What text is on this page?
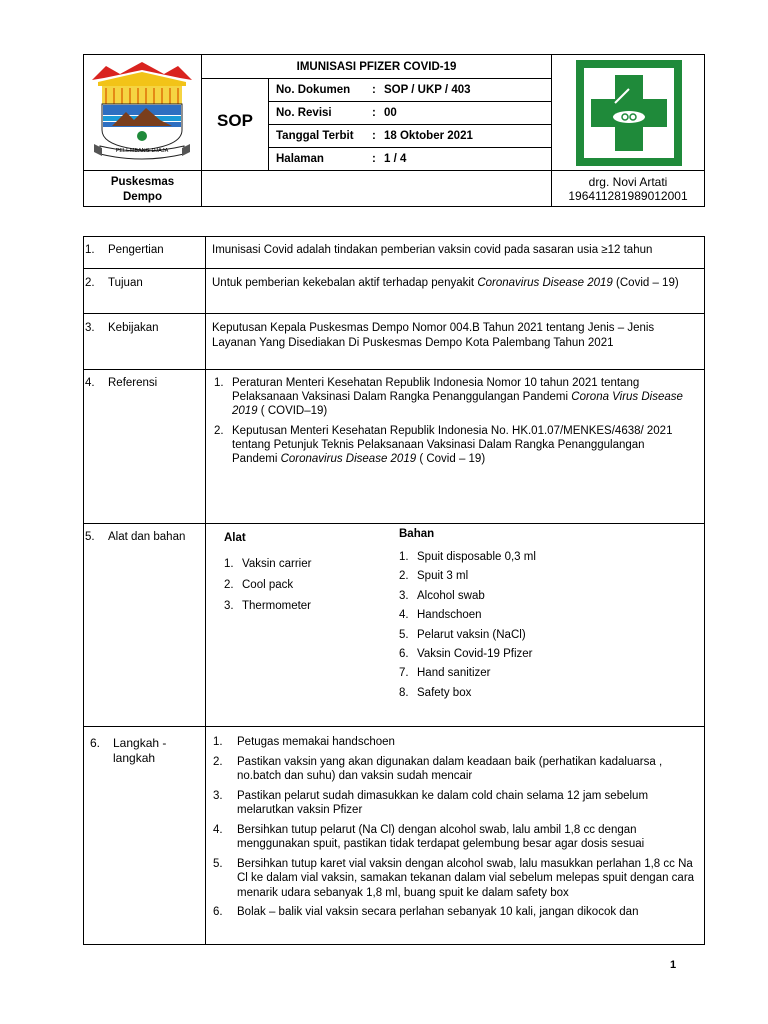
PELEMBANG DJAJA
IMUNISASI PFIZER COVID-19
SOP
No. Dokumen : SOP / UKP / 403
No. Revisi	: 00
Tanggal Terbit : 18 Oktober 2021
Halaman	: 1 / 4
Puskesmas
Dempo
drg. Novi Artati
196411281989012001
1. Pengertian	Imunisasi Covid adalah tindakan pemberian vaksin covid pada sasaran usia ≥12 tahun
2. Tujuan	Untuk pemberian kekebalan aktif terhadap penyakit Coronavirus Disease 2019 (Covid – 19)
3. Kebijakan	Keputusan Kepala Puskesmas Dempo Nomor 004.B Tahun 2021 tentang Jenis – Jenis Layanan Yang Disediakan Di Puskesmas Dempo Kota Palembang Tahun 2021
4. Referensi	1. Peraturan Menteri Kesehatan Republik Indonesia Nomor 10 tahun 2021 tentang Pelaksanaan Vaksinasi Dalam Rangka Penanggulangan Pandemi Corona Virus Disease 2019 ( COVID–19)
2. Keputusan Menteri Kesehatan Republik Indonesia No. HK.01.07/MENKES/4638/ 2021 tentang Petunjuk Teknis Pelaksanaan Vaksinasi Dalam Rangka Penanggulangan Pandemi Coronavirus Disease 2019 ( Covid – 19)
5. Alat dan bahan	Alat
1. Vaksin carrier
2. Cool pack
3. Thermometer
Bahan
1. Spuit disposable 0,3 ml
2. Spuit 3 ml
3. Alcohol swab
4. Handschoen
5. Pelarut vaksin (NaCl)
6. Vaksin Covid-19 Pfizer
7. Hand sanitizer
8. Safety box
6. Langkah -
langkah
1. Petugas memakai handschoen
2. Pastikan vaksin yang akan digunakan dalam keadaan baik (perhatikan kadaluarsa , no.batch dan suhu) dan vaksin sudah mencair
3. Pastikan pelarut sudah dimasukkan ke dalam cold chain selama 12 jam sebelum melarutkan vaksin Pfizer
4. Bersihkan tutup pelarut (Na Cl) dengan alcohol swab, lalu ambil 1,8 cc dengan menggunakan spuit, pastikan tidak terdapat gelembung besar agar dosis sesuai
5. Bersihkan tutup karet vial vaksin dengan alcohol swab, lalu masukkan perlahan 1,8 cc Na Cl ke dalam vial vaksin, samakan tekanan dalam vial sebelum melepas spuit dengan cara menarik udara sebanyak 1,8 ml, buang spuit ke dalam safety box
6. Bolak – balik vial vaksin secara perlahan sebanyak 10 kali, jangan dikocok dan
1
